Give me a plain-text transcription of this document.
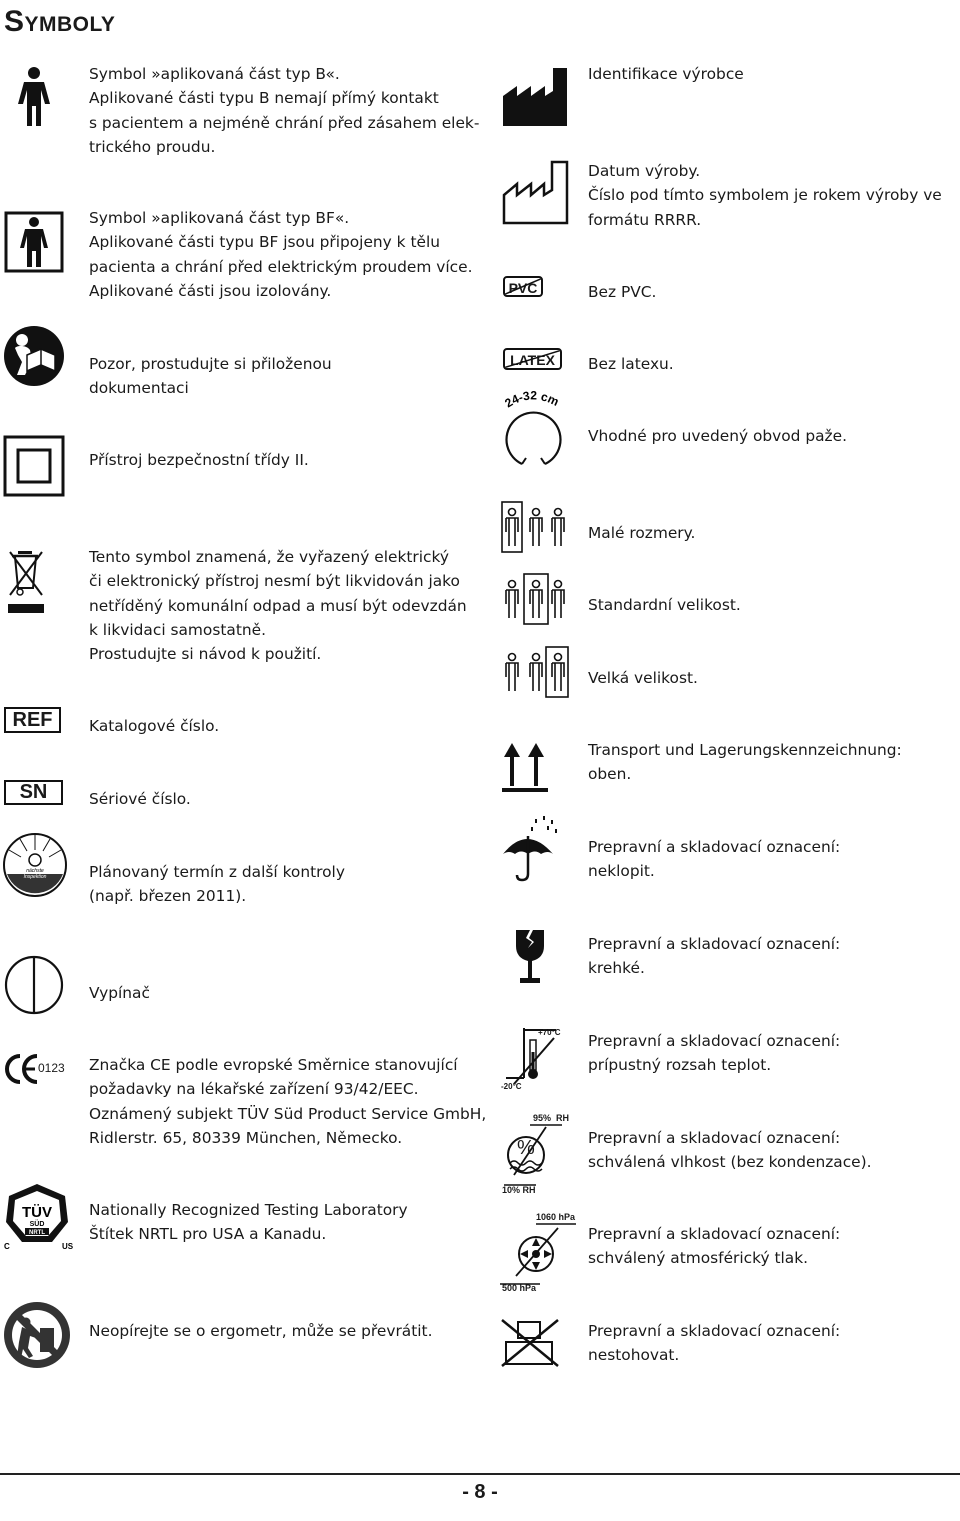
Symboly
REF
SN
nächste
Inspektion
0123
TÜV
SÜD
NRTL
C	US
PVC
LATEX
24-32 cm
+70°C
-20°C
%
95%  RH
10% RH
1060 hPa
500 hPa
Symbol »aplikovaná část typ B«.
Aplikované části typu B nemají přímý kontakt
s pacientem a nejméně chrání před zásahem elek-
trického proudu.
Symbol »aplikovaná část typ BF«.
Aplikované části typu BF jsou připojeny k tělu
pacienta a chrání před elektrickým proudem více.
Aplikované části jsou izolovány.
Pozor, prostudujte si přiloženou
dokumentaci
Přístroj bezpečnostní třídy II.
Tento symbol znamená, že vyřazený elektrický
či elektronický přístroj nesmí být likvidován jako
netříděný komunální odpad a musí být odevzdán
k likvidaci samostatně.
Prostudujte si návod k použití.
Katalogové číslo.
Sériové číslo.
Plánovaný termín z další kontroly
(např. březen 2011).
Vypínač
Značka CE podle evropské Směrnice stanovující
požadavky na lékařské zařízení 93/42/EEC.
Oznámený subjekt TÜV Süd Product Service GmbH,
Ridlerstr. 65, 80339 München, Německo.
Nationally Recognized Testing Laboratory
Štítek NRTL pro USA a Kanadu.
Neopírejte se o ergometr, může se převrátit.
Identifikace výrobce
Datum výroby.
Číslo pod tímto symbolem je rokem výroby ve
formátu RRRR.
Bez PVC.
Bez latexu.
Vhodné pro uvedený obvod paže.
Malé rozmery.
Standardní velikost.
Velká velikost.
Transport und Lagerungskennzeichnung:
oben.
Prepravní a skladovací oznacení:
neklopit.
Prepravní a skladovací oznacení:
krehké.
Prepravní a skladovací oznacení:
prípustný rozsah teplot.
Prepravní a skladovací oznacení:
schválená vlhkost (bez kondenzace).
Prepravní a skladovací oznacení:
schválený atmosférický tlak.
Prepravní a skladovací oznacení:
nestohovat.
- 8 -
